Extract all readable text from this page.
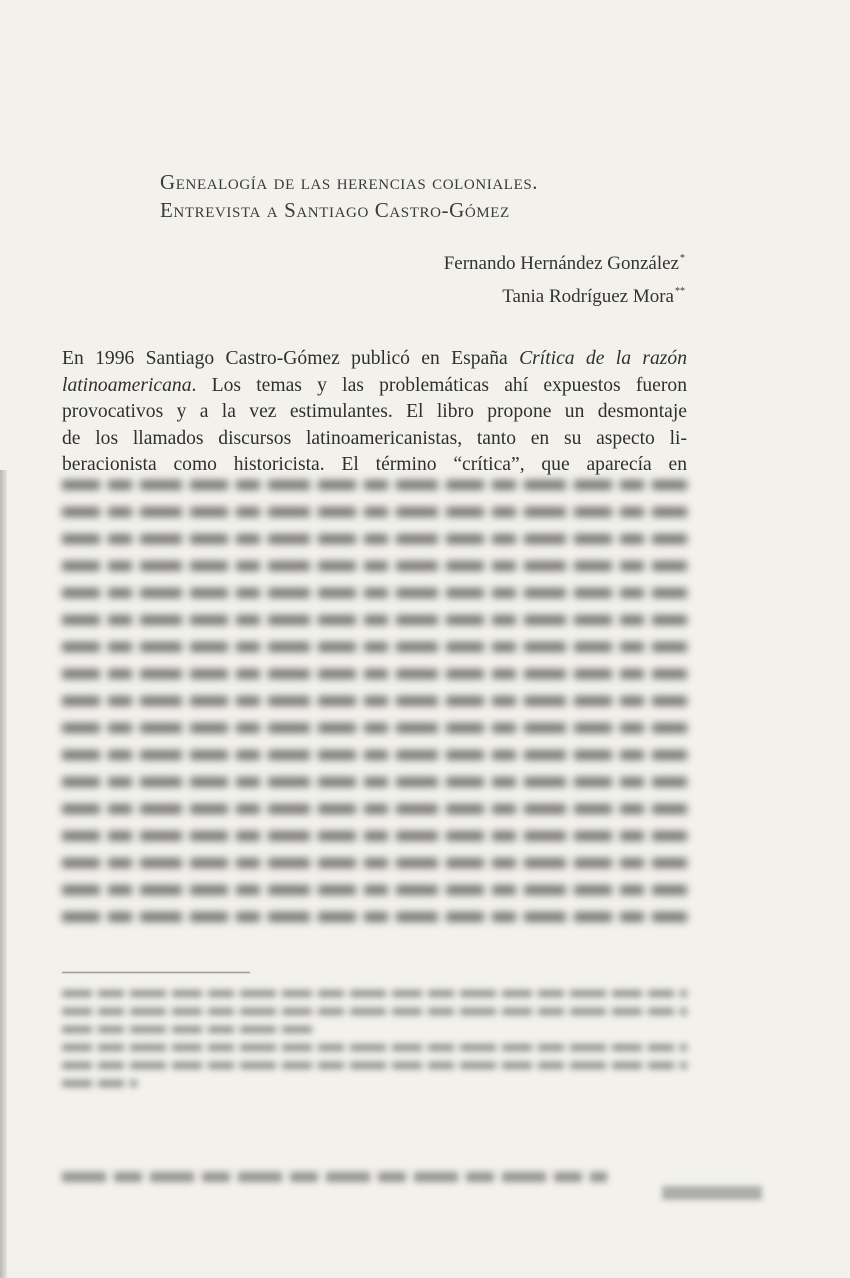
Genealogía de las herencias coloniales.
Entrevista a Santiago Castro-Gómez
Fernando Hernández González*
Tania Rodríguez Mora**
En 1996 Santiago Castro-Gómez publicó en España Crítica de la razón
latinoamericana. Los temas y las problemáticas ahí expuestos fueron
provocativos y a la vez estimulantes. El libro propone un desmontaje
de los llamados discursos latinoamericanistas, tanto en su aspecto li-
beracionista como historicista. El término “crítica”, que aparecía en
